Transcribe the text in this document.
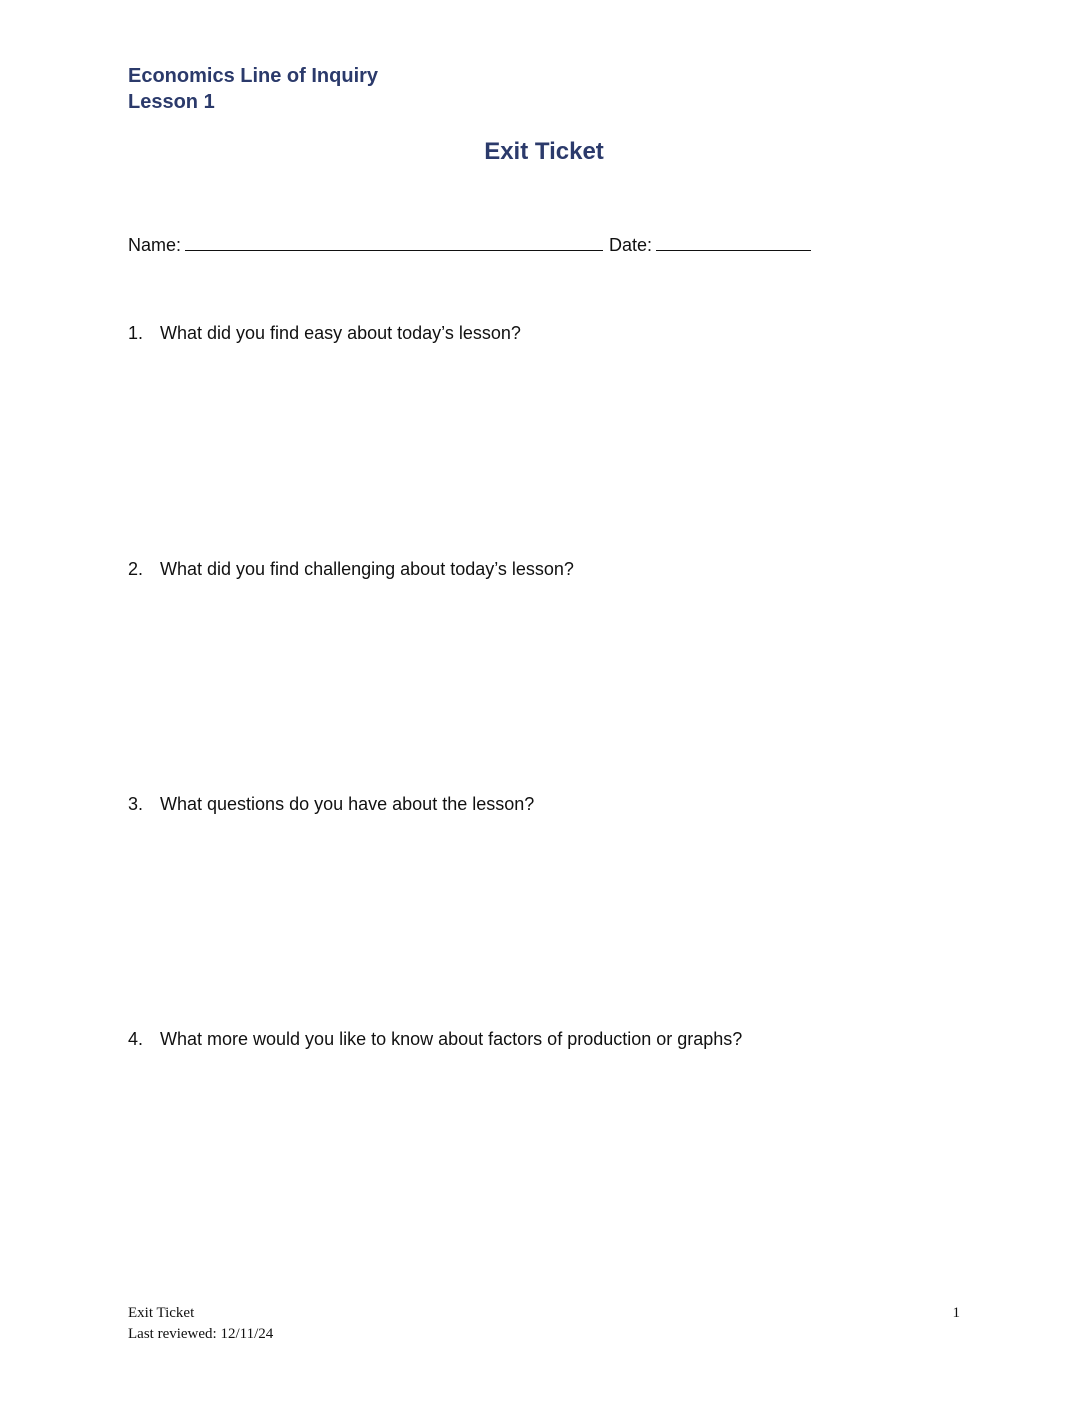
Economics Line of Inquiry
Lesson 1
Exit Ticket
Name:	Date:
1. What did you find easy about today’s lesson?
2. What did you find challenging about today’s lesson?
3. What questions do you have about the lesson?
4. What more would you like to know about factors of production or graphs?
Exit Ticket
Last reviewed: 12/11/24
1
